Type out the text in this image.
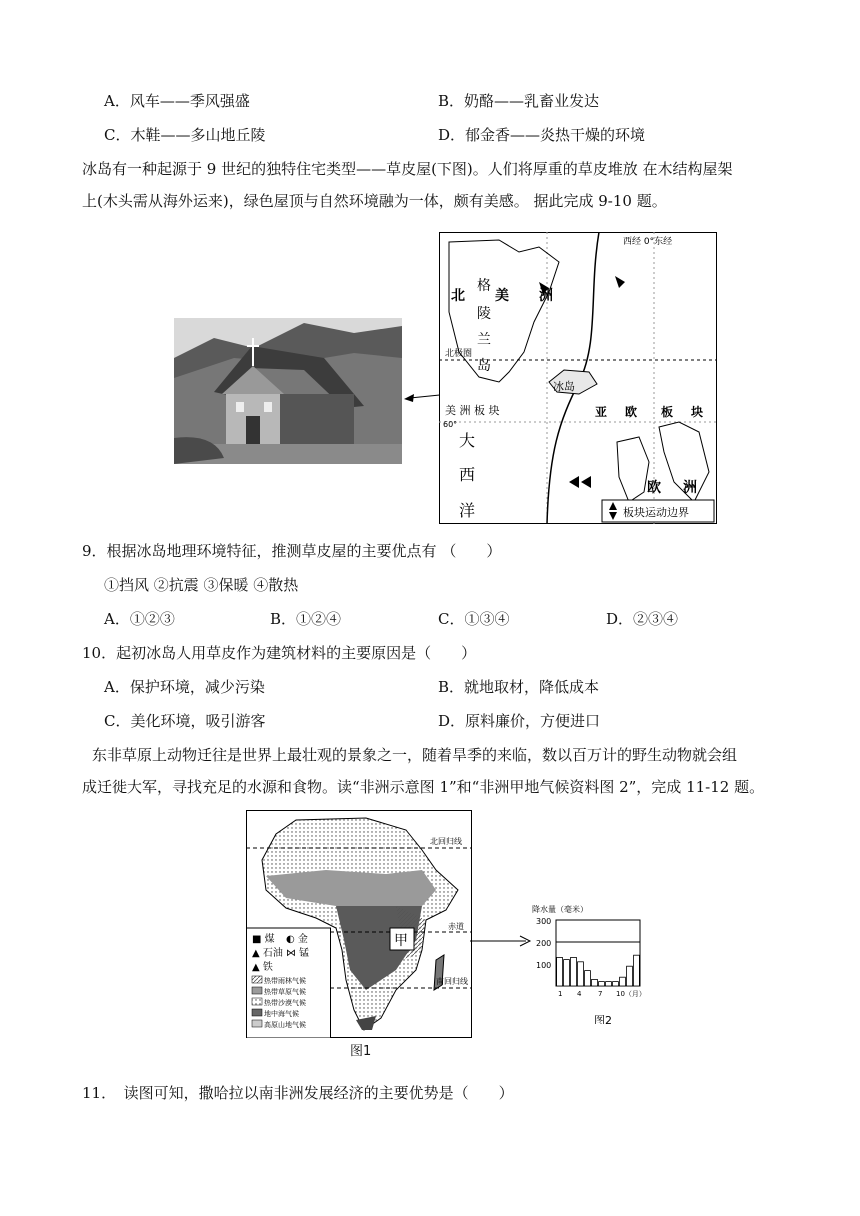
A．风车——季风强盛	B．奶酪——乳畜业发达
C．木鞋——多山地丘陵	D．郁金香——炎热干燥的环境
冰岛有一种起源于 9 世纪的独特住宅类型——草皮屋(下图)。人们将厚重的草皮堆放 在木结构屋架
上(木头需从海外运来)，绿色屋顶与自然环境融为一体，颇有美感。 据此完成 9-10 题。
板块运动边界
西经 0°东经
北 美 洲
格
陵
兰
岛
北极圈
冰岛
美 洲 板 块
60°
大
西
洋
亚 欧 板 块
欧 洲
9．根据冰岛地理环境特征，推测草皮屋的主要优点有 （　　）
①挡风 ②抗震 ③保暖 ④散热
A．①②③	B．①②④	C．①③④	D．②③④
10．起初冰岛人用草皮作为建筑材料的主要原因是（　　）
A．保护环境，减少污染	B．就地取材，降低成本
C．美化环境，吸引游客	D．原料廉价，方便进口
东非草原上动物迁往是世界上最壮观的景象之一，随着旱季的来临，数以百万计的野生动物就会组
成迁徙大军，寻找充足的水源和食物。读“非洲示意图 1”和“非洲甲地气候资料图 2”，完成 11-12 题。
北回归线
赤道
南回归线
甲
■ 煤 ◐ 金
▲ 石油 ⋈ 锰
▲ 铁
热带雨林气候
热带草原气候
热带沙漠气候
地中海气候
高原山地气候
图1
降水量（毫米）
300
200
100
1 4 7 10（月）
图2
11．　读图可知，撒哈拉以南非洲发展经济的主要优势是（　　）
